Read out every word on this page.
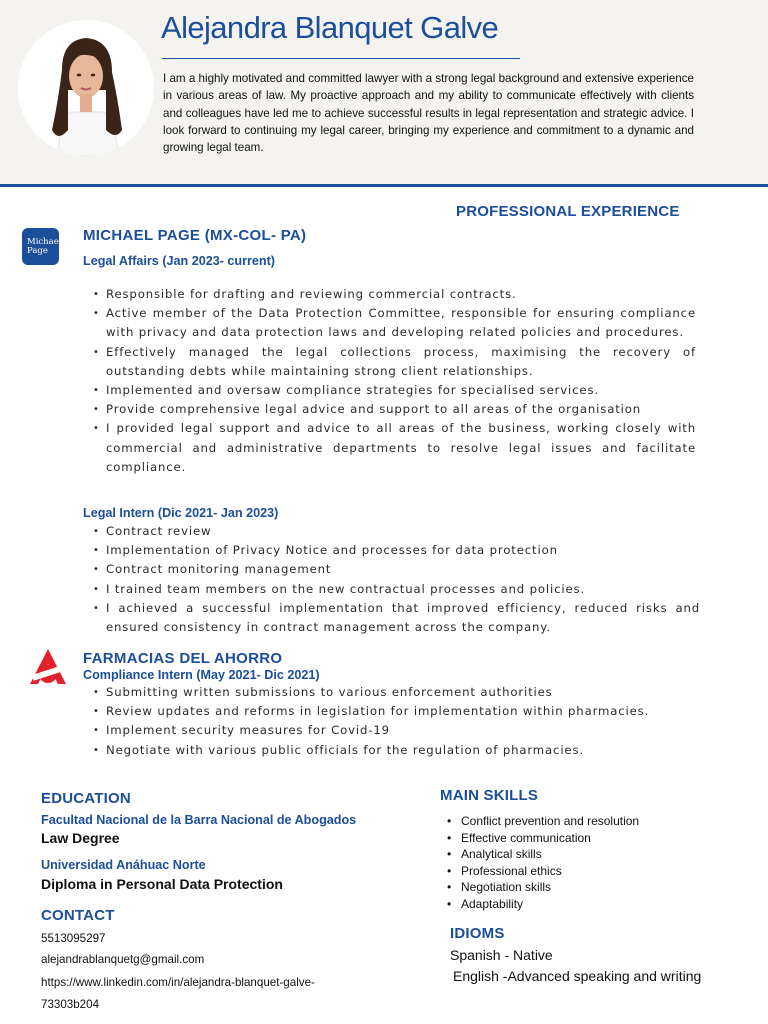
Alejandra Blanquet Galve
I am a highly motivated and committed lawyer with a strong legal background and extensive experience in various areas of law. My proactive approach and my ability to communicate effectively with clients and colleagues have led me to achieve successful results in legal representation and strategic advice. I look forward to continuing my legal career, bringing my experience and commitment to a dynamic and growing legal team.
PROFESSIONAL EXPERIENCE
Michael
Page
MICHAEL PAGE (MX-COL- PA)
Legal Affairs (Jan 2023- current)
• Responsible for drafting and reviewing commercial contracts.
• Active member of the Data Protection Committee, responsible for ensuring compliance with privacy and data protection laws and developing related policies and procedures.
• Effectively managed the legal collections process, maximising the recovery of outstanding debts while maintaining strong client relationships.
• Implemented and oversaw compliance strategies for specialised services.
• Provide comprehensive legal advice and support to all areas of the organisation
• I provided legal support and advice to all areas of the business, working closely with commercial and administrative departments to resolve legal issues and facilitate compliance.
Legal Intern (Dic 2021- Jan 2023)
• Contract review
• Implementation of Privacy Notice and processes for data protection
• Contract monitoring management
• I trained team members on the new contractual processes and policies.
• I achieved a successful implementation that improved efficiency, reduced risks and ensured consistency in contract management across the company.
FARMACIAS DEL AHORRO
Compliance Intern (May 2021- Dic 2021)
• Submitting written submissions to various enforcement authorities
• Review updates and reforms in legislation for implementation within pharmacies.
• Implement security measures for Covid-19
• Negotiate with various public officials for the regulation of pharmacies.
EDUCATION
Facultad Nacional de la Barra Nacional de Abogados
Law Degree
Universidad Anáhuac Norte
Diploma in Personal Data Protection
CONTACT
5513095297
alejandrablanquetg@gmail.com
https://www.linkedin.com/in/alejandra-blanquet-galve-
73303b204
MAIN SKILLS
• Conflict prevention and resolution
• Effective communication
• Analytical skills
• Professional ethics
• Negotiation skills
• Adaptability
IDIOMS
Spanish - Native
English -Advanced speaking and writing
